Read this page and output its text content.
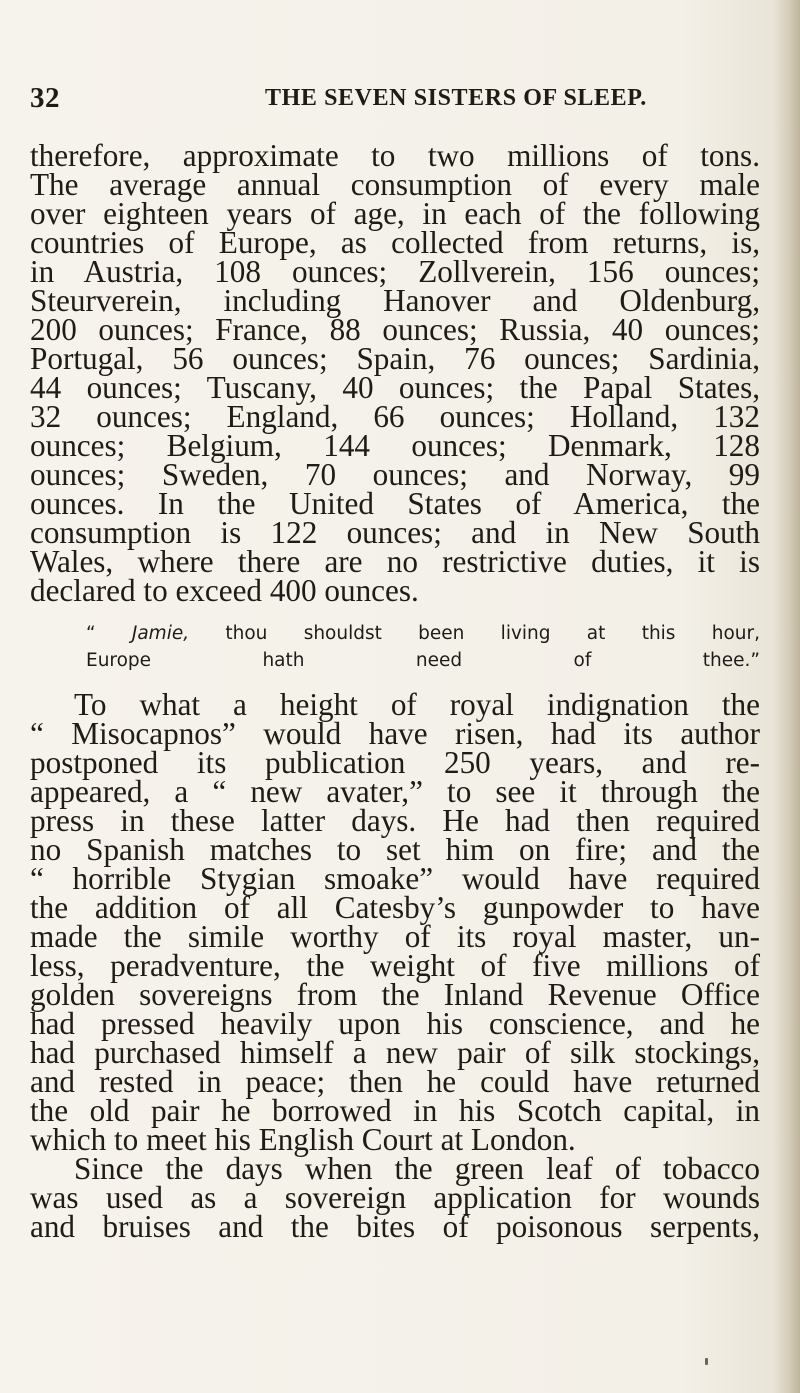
32	THE SEVEN SISTERS OF SLEEP.

therefore, approximate to two millions of tons.

The average annual consumption of every male

over eighteen years of age, in each of the following

countries of Europe, as collected from returns, is,

in Austria, 108 ounces; Zollverein, 156 ounces;

Steurverein, including Hanover and Oldenburg,

200 ounces; France, 88 ounces; Russia, 40 ounces;

Portugal, 56 ounces; Spain, 76 ounces; Sardinia,

44 ounces; Tuscany, 40 ounces; the Papal States,

32 ounces; England, 66 ounces; Holland, 132

ounces; Belgium, 144 ounces; Denmark, 128

ounces; Sweden, 70 ounces; and Norway, 99

ounces. In the United States of America, the

consumption is 122 ounces; and in New South

Wales, where there are no restrictive duties, it is

declared to exceed 400 ounces.

“ Jamie, thou shouldst been living at this hour,

Europe hath need of thee.”

To what a height of royal indignation the

“ Misocapnos” would have risen, had its author

postponed its publication 250 years, and re-

appeared, a “ new avater,” to see it through the

press in these latter days. He had then required

no Spanish matches to set him on fire; and the

“ horrible Stygian smoake” would have required

the addition of all Catesby’s gunpowder to have

made the simile worthy of its royal master, un-

less, peradventure, the weight of five millions of

golden sovereigns from the Inland Revenue Office

had pressed heavily upon his conscience, and he

had purchased himself a new pair of silk stockings,

and rested in peace; then he could have returned

the old pair he borrowed in his Scotch capital, in

which to meet his English Court at London.

Since the days when the green leaf of tobacco

was used as a sovereign application for wounds

and bruises and the bites of poisonous serpents,
